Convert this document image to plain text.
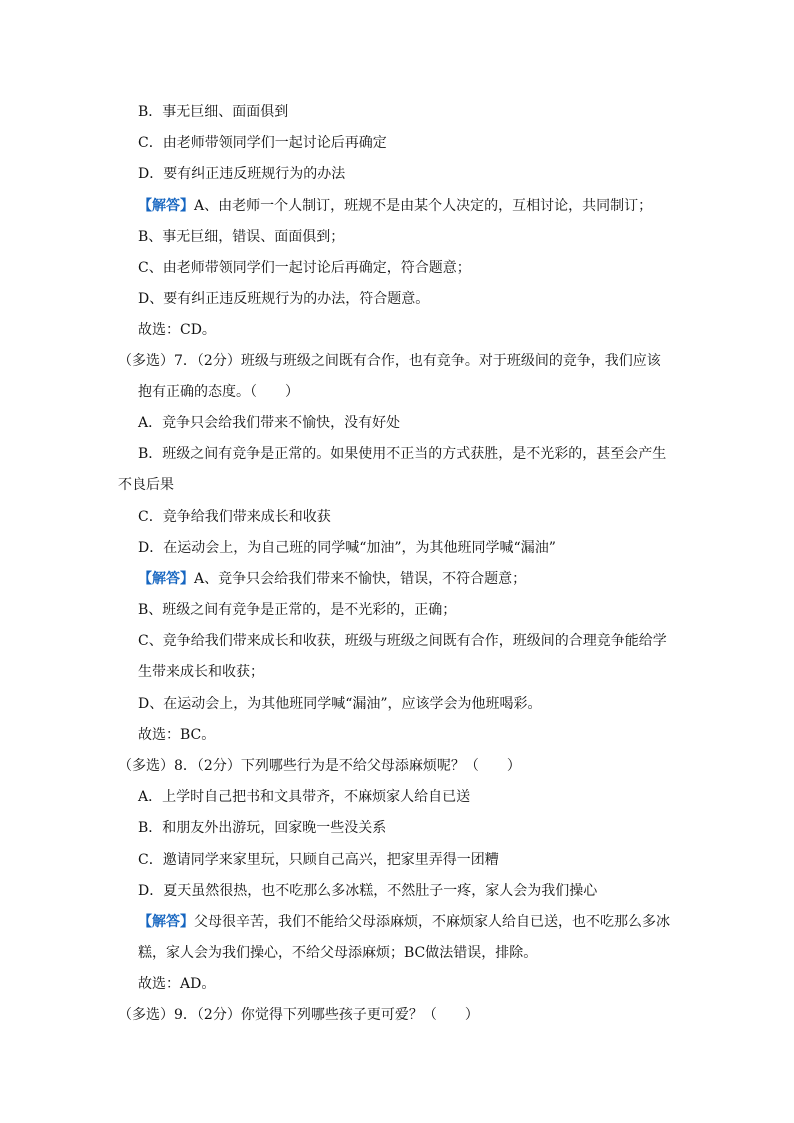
B．事无巨细、面面俱到
C．由老师带领同学们一起讨论后再确定
D．要有纠正违反班规行为的办法
【解答】A、由老师一个人制订，班规不是由某个人决定的，互相讨论，共同制订；
B、事无巨细，错误、面面俱到；
C、由老师带领同学们一起讨论后再确定，符合题意；
D、要有纠正违反班规行为的办法，符合题意。
故选：CD。
（多选）7．（2分）班级与班级之间既有合作，也有竞争。对于班级间的竞争，我们应该
抱有正确的态度。（　　）
A．竞争只会给我们带来不愉快，没有好处
B．班级之间有竞争是正常的。如果使用不正当的方式获胜，是不光彩的，甚至会产生
不良后果
C．竞争给我们带来成长和收获
D．在运动会上，为自己班的同学喊“加油”，为其他班同学喊“漏油”
【解答】A、竞争只会给我们带来不愉快，错误，不符合题意；
B、班级之间有竞争是正常的，是不光彩的，正确；
C、竞争给我们带来成长和收获，班级与班级之间既有合作，班级间的合理竞争能给学
生带来成长和收获；
D、在运动会上，为其他班同学喊“漏油”，应该学会为他班喝彩。
故选：BC。
（多选）8．（2分）下列哪些行为是不给父母添麻烦呢？（　　）
A．上学时自己把书和文具带齐，不麻烦家人给自已送
B．和朋友外出游玩，回家晚一些没关系
C．邀请同学来家里玩，只顾自己高兴，把家里弄得一团糟
D．夏天虽然很热，也不吃那么多冰糕，不然肚子一疼，家人会为我们操心
【解答】父母很辛苦，我们不能给父母添麻烦，不麻烦家人给自已送，也不吃那么多冰
糕，家人会为我们操心，不给父母添麻烦；BC做法错误，排除。
故选：AD。
（多选）9．（2分）你觉得下列哪些孩子更可爱？（　　）
